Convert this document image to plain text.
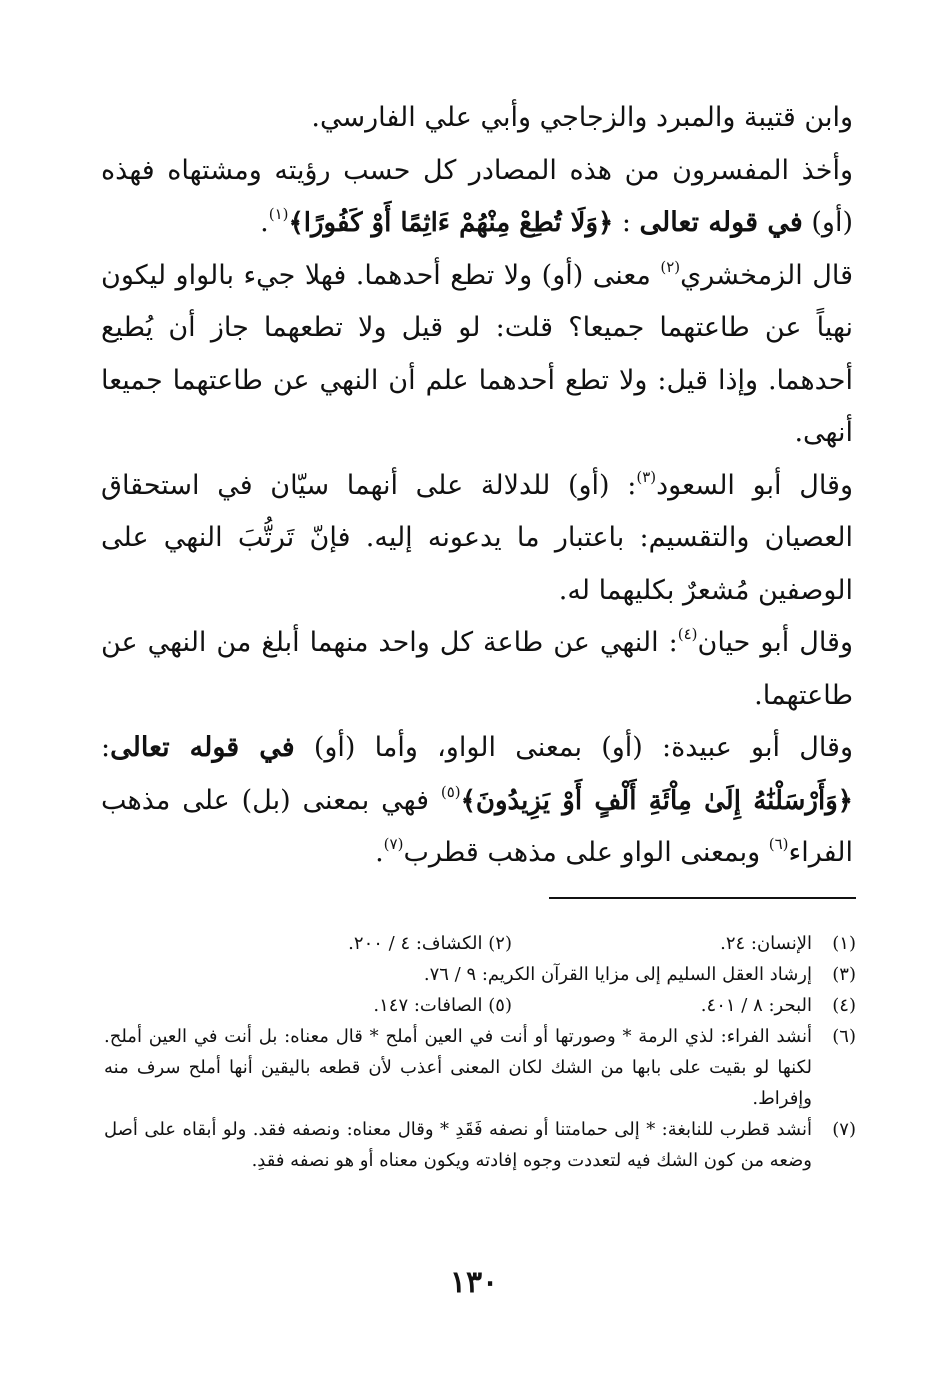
وابن قتيبة والمبرد والزجاجي وأبي علي الفارسي.

وأخذ المفسرون من هذه المصادر كل حسب رؤيته ومشتهاه فهذه (أو) في قوله تعالى : ﴿وَلَا تُطِعْ مِنْهُمْ ءَاثِمًا أَوْ كَفُورًا﴾$^{(١)}$.

قال الزمخشري$^{(٢)}$ معنى (أو) ولا تطع أحدهما. فهلا جيء بالواو ليكون نهياً عن طاعتهما جميعا؟ قلت: لو قيل ولا تطعهما جاز أن يُطيع أحدهما. وإذا قيل: ولا تطع أحدهما علم أن النهي عن طاعتهما جميعا أنهى.

وقال أبو السعود$^{(٣)}$: (أو) للدلالة على أنهما سيّان في استحقاق العصيان والتقسيم: باعتبار ما يدعونه إليه. فإنّ تَرتُّبَ النهي على الوصفين مُشعرٌ بكليهما له.

وقال أبو حيان$^{(٤)}$: النهي عن طاعة كل واحد منهما أبلغ من النهي عن طاعتهما.

وقال أبو عبيدة: (أو) بمعنى الواو، وأما (أو) في قوله تعالى: ﴿وَأَرْسَلْنَٰهُ إِلَىٰ مِاْئَةِ أَلْفٍ أَوْ يَزِيدُونَ﴾$^{(٥)}$ فهي بمعنى (بل) على مذهب الفراء$^{(٦)}$ وبمعنى الواو على مذهب قطرب$^{(٧)}$.

(١)
الإنسان: ٢٤.
(٢) الكشاف: ٤ / ٢٠٠.
(٣)
إرشاد العقل السليم إلى مزايا القرآن الكريم: ٩ / ٧٦.
(٤)
البحر: ٨ / ٤٠١.
(٥) الصافات: ١٤٧.
(٦)
أنشد الفراء: لذي الرمة * وصورتها أو أنت في العين أملح * قال معناه: بل أنت في العين أملح. لكنها لو بقيت على بابها من الشك لكان المعنى أعذب لأن قطعه باليقين أنها أملح سرف منه وإفراط.
(٧)
أنشد قطرب للنابغة: * إلى حمامتنا أو نصفه فَقَدِ * وقال معناه: ونصفه فقد. ولو أبقاه على أصل وضعه من كون الشك فيه لتعددت وجوه إفادته ويكون معناه أو هو نصفه فقدِ.
١٣٠
